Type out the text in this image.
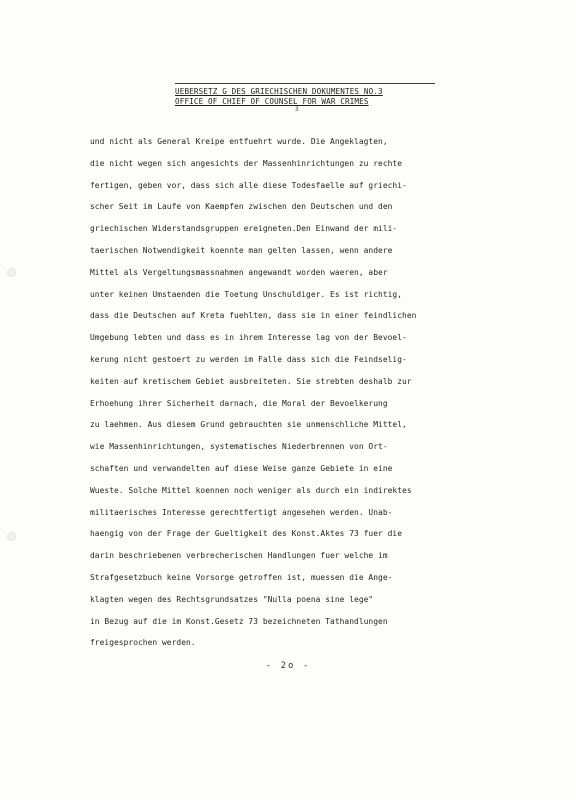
UEBERSETZ G DES GRIECHISCHEN DOKUMENTES NO.3
OFFICE OF CHIEF OF COUNSEL FOR WAR CRIMES
3
und nicht als General Kreipe entfuehrt wurde. Die Angeklagten,
die nicht wegen sich angesichts der Massenhinrichtungen zu rechte
fertigen, geben vor, dass sich alle diese Todesfaelle auf griechi-
scher Seit im Laufe von Kaempfen zwischen den Deutschen und den
griechischen Widerstandsgruppen ereigneten.Den Einwand der mili-
taerischen Notwendigkeit koennte man gelten lassen, wenn andere
Mittel als Vergeltungsmassnahmen angewandt worden waeren, aber
unter keinen Umstaenden die Toetung Unschuldiger. Es ist richtig,
dass die Deutschen auf Kreta fuehlten, dass sie in einer feindlichen
Umgebung lebten und dass es in ihrem Interesse lag von der Bevoel-
kerung nicht gestoert zu werden im Falle dass sich die Feindselig-
keiten auf kretischem Gebiet ausbreiteten. Sie strebten deshalb zur
Erhoehung ihrer Sicherheit darnach, die Moral der Bevoelkerung
zu laehmen. Aus diesem Grund gebrauchten sie unmenschliche Mittel,
wie Massenhinrichtungen, systematisches Niederbrennen von Ort-
schaften und verwandelten auf diese Weise ganze Gebiete in eine
Wueste. Solche Mittel koennen noch weniger als durch ein indirektes
militaerisches Interesse gerechtfertigt angesehen werden. Unab-
haengig von der Frage der Gueltigkeit des Konst.Aktes 73 fuer die
darin beschriebenen verbrecherischen Handlungen fuer welche im
Strafgesetzbuch keine Vorsorge getroffen ist, muessen die Ange-
klagten wegen des Rechtsgrundsatzes "Nulla poena sine lege"
in Bezug auf die im Konst.Gesetz 73 bezeichneten Tathandlungen
freigesprochen werden.
- 2o -
